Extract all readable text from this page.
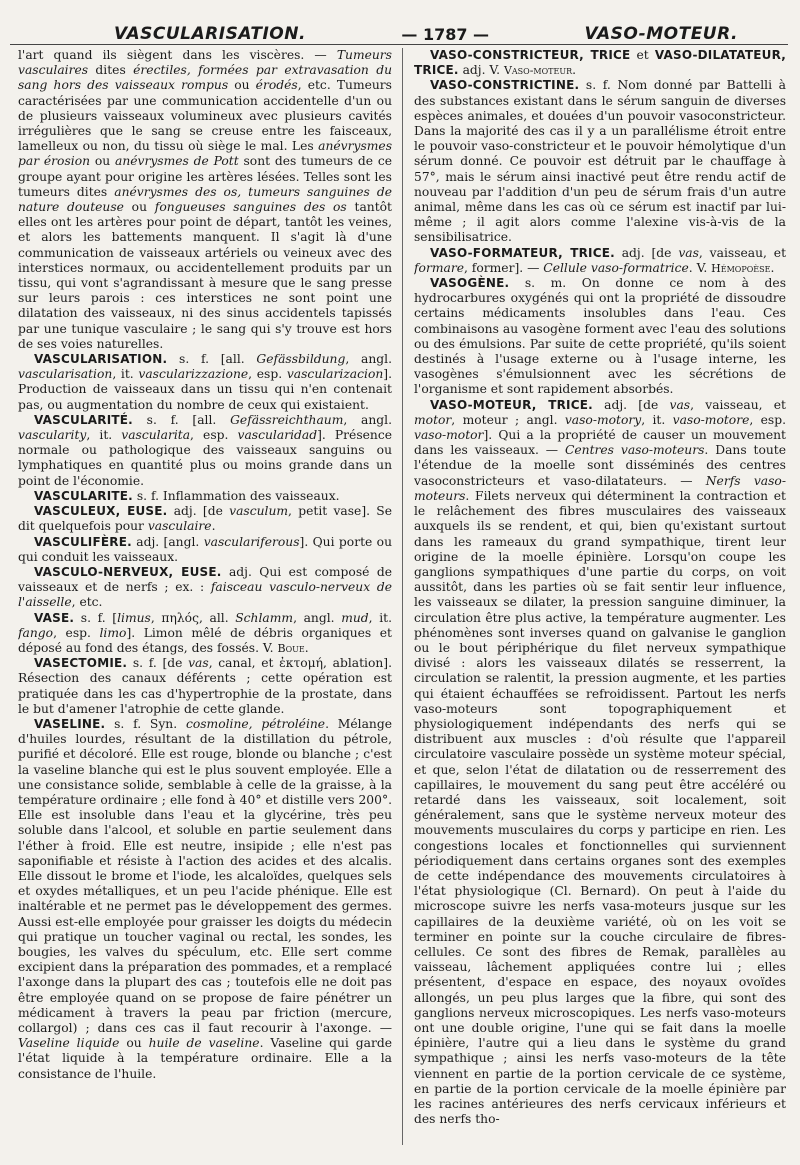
VASCULARISATION.	— 1787 —	VASO-MOTEUR.

l'art quand ils siègent dans les viscères. — Tumeurs vasculaires dites érectiles, formées par extravasation du sang hors des vaisseaux rompus ou érodés, etc. Tumeurs caractérisées par une communication accidentelle d'un ou de plusieurs vaisseaux volumineux avec plusieurs cavités irrégulières que le sang se creuse entre les faisceaux, lamelleux ou non, du tissu où siège le mal. Les anévrysmes par érosion ou anévrysmes de Pott sont des tumeurs de ce groupe ayant pour origine les artères lésées. Telles sont les tumeurs dites anévrysmes des os, tumeurs sanguines de nature douteuse ou fongueuses sanguines des os tantôt elles ont les artères pour point de départ, tantôt les veines, et alors les battements manquent. Il s'agit là d'une communication de vaisseaux artériels ou veineux avec des interstices normaux, ou accidentellement produits par un tissu, qui vont s'agrandissant à mesure que le sang presse sur leurs parois : ces interstices ne sont point une dilatation des vaisseaux, ni des sinus accidentels tapissés par une tunique vasculaire ; le sang qui s'y trouve est hors de ses voies naturelles.

VASCULARISATION. s. f. [all. Gefässbildung, angl. vascularisation, it. vascularizzazione, esp. vascularizacion]. Production de vaisseaux dans un tissu qui n'en contenait pas, ou augmentation du nombre de ceux qui existaient.

VASCULARITÉ. s. f. [all. Gefässreichthaum, angl. vascularity, it. vascularita, esp. vascularidad]. Présence normale ou pathologique des vaisseaux sanguins ou lymphatiques en quantité plus ou moins grande dans un point de l'économie.

VASCULARITE. s. f. Inflammation des vaisseaux.

VASCULEUX, EUSE. adj. [de vasculum, petit vase]. Se dit quelquefois pour vasculaire.

VASCULIFÈRE. adj. [angl. vasculariferous]. Qui porte ou qui conduit les vaisseaux.

VASCULO-NERVEUX, EUSE. adj. Qui est composé de vaisseaux et de nerfs ; ex. : faisceau vasculo-nerveux de l'aisselle, etc.

VASE. s. f. [limus, πηλός, all. Schlamm, angl. mud, it. fango, esp. limo]. Limon mêlé de débris organiques et déposé au fond des étangs, des fossés. V. Boue.

VASECTOMIE. s. f. [de vas, canal, et ἐκτομή, ablation]. Résection des canaux déférents ; cette opération est pratiquée dans les cas d'hypertrophie de la prostate, dans le but d'amener l'atrophie de cette glande.

VASELINE. s. f. Syn. cosmoline, pétroléine. Mélange d'huiles lourdes, résultant de la distillation du pétrole, purifié et décoloré. Elle est rouge, blonde ou blanche ; c'est la vaseline blanche qui est le plus souvent employée. Elle a une consistance solide, semblable à celle de la graisse, à la température ordinaire ; elle fond à 40° et distille vers 200°. Elle est insoluble dans l'eau et la glycérine, très peu soluble dans l'alcool, et soluble en partie seulement dans l'éther à froid. Elle est neutre, insipide ; elle n'est pas saponifiable et résiste à l'action des acides et des alcalis. Elle dissout le brome et l'iode, les alcaloïdes, quelques sels et oxydes métalliques, et un peu l'acide phénique. Elle est inaltérable et ne permet pas le développement des germes. Aussi est-elle employée pour graisser les doigts du médecin qui pratique un toucher vaginal ou rectal, les sondes, les bougies, les valves du spéculum, etc. Elle sert comme excipient dans la préparation des pommades, et a remplacé l'axonge dans la plupart des cas ; toutefois elle ne doit pas être employée quand on se propose de faire pénétrer un médicament à travers la peau par friction (mercure, collargol) ; dans ces cas il faut recourir à l'axonge. — Vaseline liquide ou huile de vaseline. Vaseline qui garde l'état liquide à la température ordinaire. Elle a la consistance de l'huile.

VASO-CONSTRICTEUR, TRICE et VASO-DILATATEUR, TRICE. adj. V. Vaso-moteur.

VASO-CONSTRICTINE. s. f. Nom donné par Battelli à des substances existant dans le sérum sanguin de diverses espèces animales, et douées d'un pouvoir vasoconstricteur. Dans la majorité des cas il y a un parallélisme étroit entre le pouvoir vaso-constricteur et le pouvoir hémolytique d'un sérum donné. Ce pouvoir est détruit par le chauffage à 57°, mais le sérum ainsi inactivé peut être rendu actif de nouveau par l'addition d'un peu de sérum frais d'un autre animal, même dans les cas où ce sérum est inactif par lui-même ; il agit alors comme l'alexine vis-à-vis de la sensibilisatrice.

VASO-FORMATEUR, TRICE. adj. [de vas, vaisseau, et formare, former]. — Cellule vaso-formatrice. V. Hémopoèse.

VASOGÈNE. s. m. On donne ce nom à des hydrocarbures oxygénés qui ont la propriété de dissoudre certains médicaments insolubles dans l'eau. Ces combinaisons au vasogène forment avec l'eau des solutions ou des émulsions. Par suite de cette propriété, qu'ils soient destinés à l'usage externe ou à l'usage interne, les vasogènes s'émulsionnent avec les sécrétions de l'organisme et sont rapidement absorbés.

VASO-MOTEUR, TRICE. adj. [de vas, vaisseau, et motor, moteur ; angl. vaso-motory, it. vaso-motore, esp. vaso-motor]. Qui a la propriété de causer un mouvement dans les vaisseaux. — Centres vaso-moteurs. Dans toute l'étendue de la moelle sont disséminés des centres vasoconstricteurs et vaso-dilatateurs. — Nerfs vaso-moteurs. Filets nerveux qui déterminent la contraction et le relâchement des fibres musculaires des vaisseaux auxquels ils se rendent, et qui, bien qu'existant surtout dans les rameaux du grand sympathique, tirent leur origine de la moelle épinière. Lorsqu'on coupe les ganglions sympathiques d'une partie du corps, on voit aussitôt, dans les parties où se fait sentir leur influence, les vaisseaux se dilater, la pression sanguine diminuer, la circulation être plus active, la température augmenter. Les phénomènes sont inverses quand on galvanise le ganglion ou le bout périphérique du filet nerveux sympathique divisé : alors les vaisseaux dilatés se resserrent, la circulation se ralentit, la pression augmente, et les parties qui étaient échauffées se refroidissent. Partout les nerfs vaso-moteurs sont topographiquement et physiologiquement indépendants des nerfs qui se distribuent aux muscles : d'où résulte que l'appareil circulatoire vasculaire possède un système moteur spécial, et que, selon l'état de dilatation ou de resserrement des capillaires, le mouvement du sang peut être accéléré ou retardé dans les vaisseaux, soit localement, soit généralement, sans que le système nerveux moteur des mouvements musculaires du corps y participe en rien. Les congestions locales et fonctionnelles qui surviennent périodiquement dans certains organes sont des exemples de cette indépendance des mouvements circulatoires à l'état physiologique (Cl. Bernard). On peut à l'aide du microscope suivre les nerfs vasa-moteurs jusque sur les capillaires de la deuxième variété, où on les voit se terminer en pointe sur la couche circulaire de fibres-cellules. Ce sont des fibres de Remak, parallèles au vaisseau, lâchement appliquées contre lui ; elles présentent, d'espace en espace, des noyaux ovoïdes allongés, un peu plus larges que la fibre, qui sont des ganglions nerveux microscopiques. Les nerfs vaso-moteurs ont une double origine, l'une qui se fait dans la moelle épinière, l'autre qui a lieu dans le système du grand sympathique ; ainsi les nerfs vaso-moteurs de la tête viennent en partie de la portion cervicale de ce système, en partie de la portion cervicale de la moelle épinière par les racines antérieures des nerfs cervicaux inférieurs et des nerfs tho-
